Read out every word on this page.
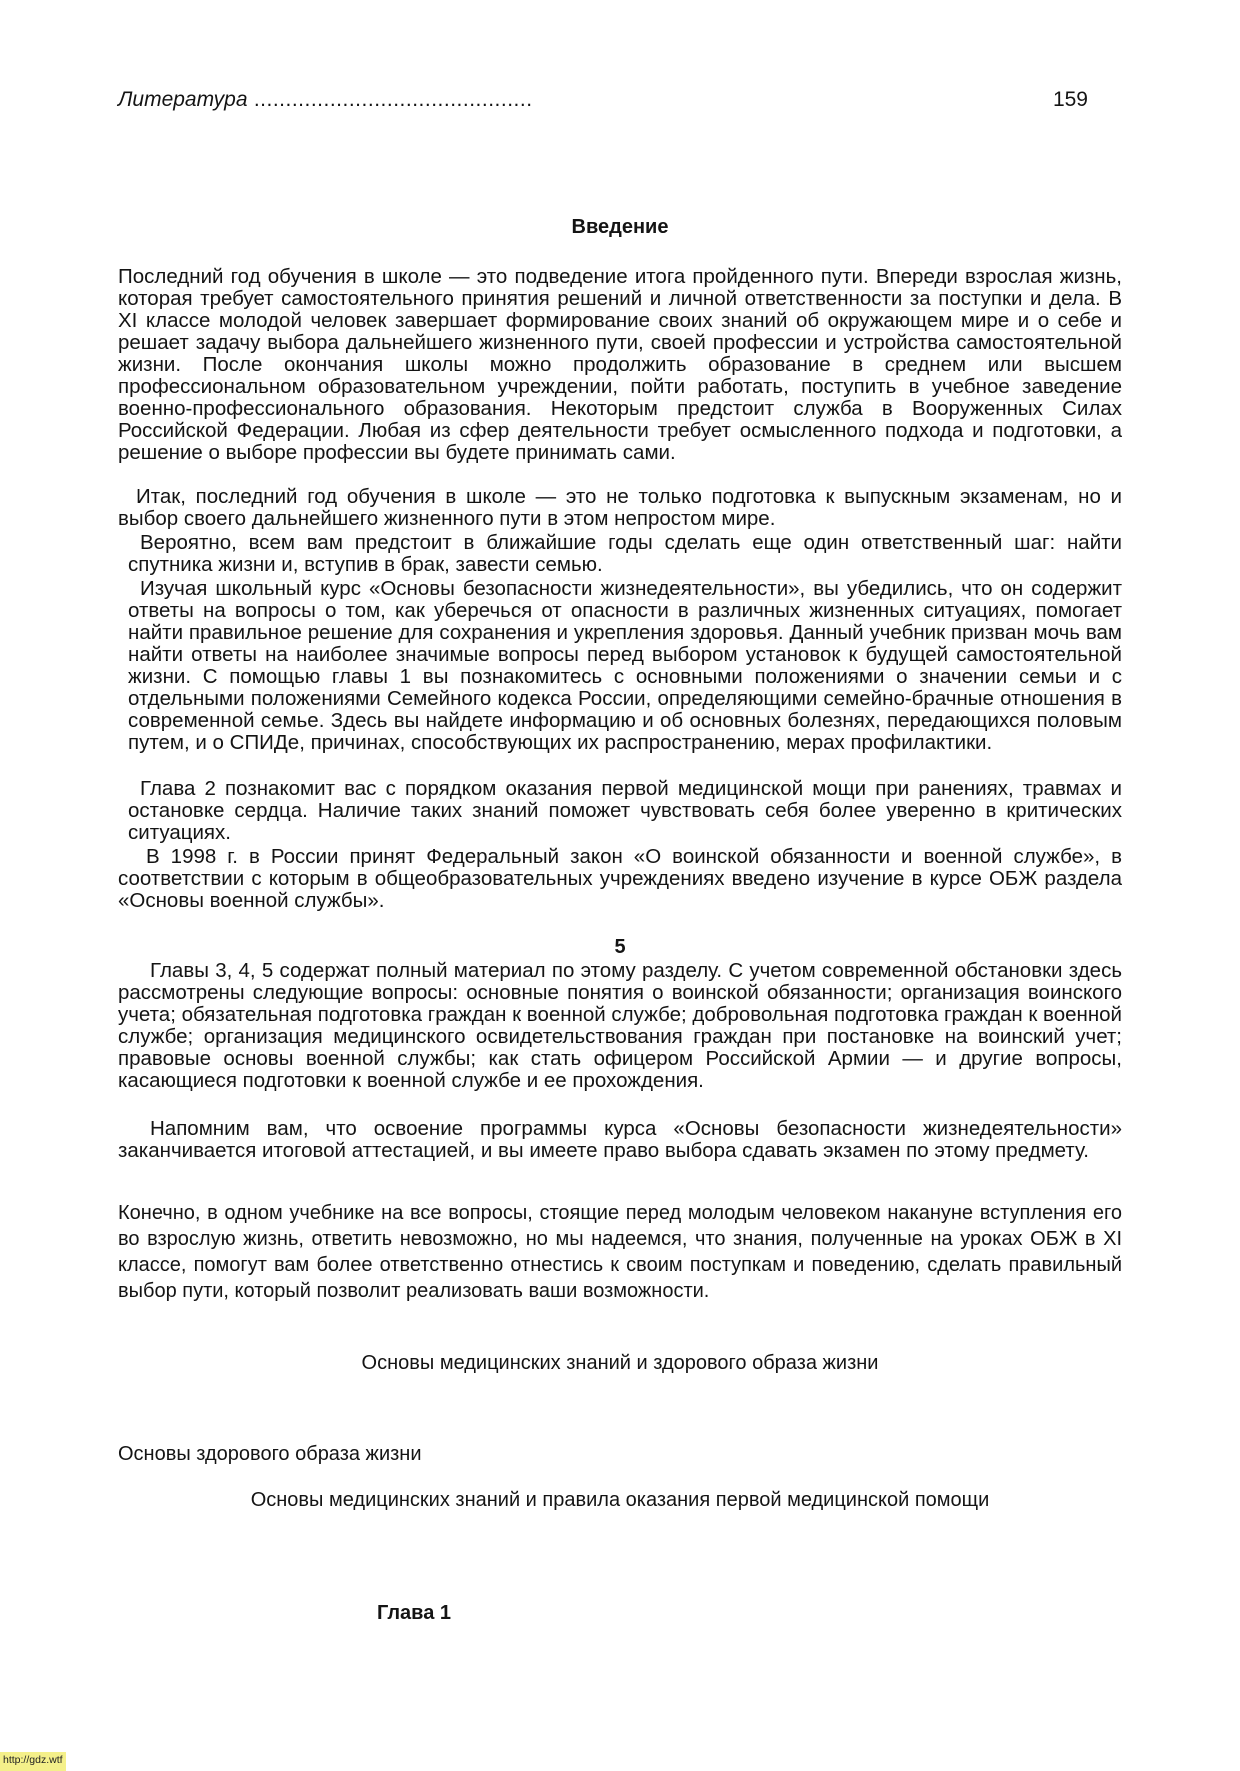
Литература ............................................	159
Введение

Последний год обучения в школе — это подведение итога пройденного пути. Впереди взрослая жизнь, которая требует самостоятельного принятия решений и личной ответственности за поступки и дела. В XI классе молодой человек завершает формирование своих знаний об окружающем мире и о себе и решает задачу выбора дальнейшего жизненного пути, своей профессии и устройства самостоятельной жизни. После окончания школы можно продолжить образование в среднем или высшем профессиональном образовательном учреждении, пойти работать, поступить в учебное заведение военно-профессионального образования. Некоторым предстоит служба в Вооруженных Силах Российской Федерации. Любая из сфер деятельности требует осмысленного подхода и подготовки, а решение о выборе профессии вы будете принимать сами.

Итак, последний год обучения в школе — это не только подготовка к выпускным экзаменам, но и выбор своего дальнейшего жизненного пути в этом непростом мире.

Вероятно, всем вам предстоит в ближайшие годы сделать еще один ответственный шаг: найти спутника жизни и, вступив в брак, завести семью.

Изучая школьный курс «Основы безопасности жизнедеятельности», вы убедились, что он содержит ответы на вопросы о том, как уберечься от опасности в различных жизненных ситуациях, помогает найти правильное решение для сохранения и укрепления здоровья. Данный учебник призван мочь вам найти ответы на наиболее значимые вопросы перед выбором установок к будущей самостоятельной жизни. С помощью главы 1 вы познакомитесь с основными положениями о значении семьи и с отдельными положениями Семейного кодекса России, определяющими семейно-брачные отношения в современной семье. Здесь вы найдете информацию и об основных болезнях, передающихся половым путем, и о СПИДе, причинах, способствующих их распространению, мерах профилактики.

Глава 2 познакомит вас с порядком оказания первой медицинской мощи при ранениях, травмах и остановке сердца. Наличие таких знаний поможет чувствовать себя более уверенно в критических ситуациях.

В 1998 г. в России принят Федеральный закон «О воинской обязанности и военной службе», в соответствии с которым в общеобразовательных учреждениях введено изучение в курсе ОБЖ раздела «Основы военной службы».

5

Главы 3, 4, 5 содержат полный материал по этому разделу. С учетом современной обстановки здесь рассмотрены следующие вопросы: основные понятия о воинской обязанности; организация воинского учета; обязательная подготовка граждан к военной службе; добровольная подготовка граждан к военной службе; организация медицинского освидетельствования граждан при постановке на воинский учет; правовые основы военной службы; как стать офицером Российской Армии — и другие вопросы, касающиеся подготовки к военной службе и ее прохождения.

Напомним вам, что освоение программы курса «Основы безопасности жизнедеятельности» заканчивается итоговой аттестацией, и вы имеете право выбора сдавать экзамен по этому предмету.

Конечно, в одном учебнике на все вопросы, стоящие перед молодым человеком накануне вступления его во взрослую жизнь, ответить невозможно, но мы надеемся, что знания, полученные на уроках ОБЖ в XI классе, помогут вам более ответственно отнестись к своим поступкам и поведению, сделать правильный выбор пути, который позволит реализовать ваши возможности.

Основы медицинских знаний и здорового образа жизни
Основы здорового образа жизни
Основы медицинских знаний и правила оказания первой медицинской помощи
Глава 1
http://gdz.wtf
